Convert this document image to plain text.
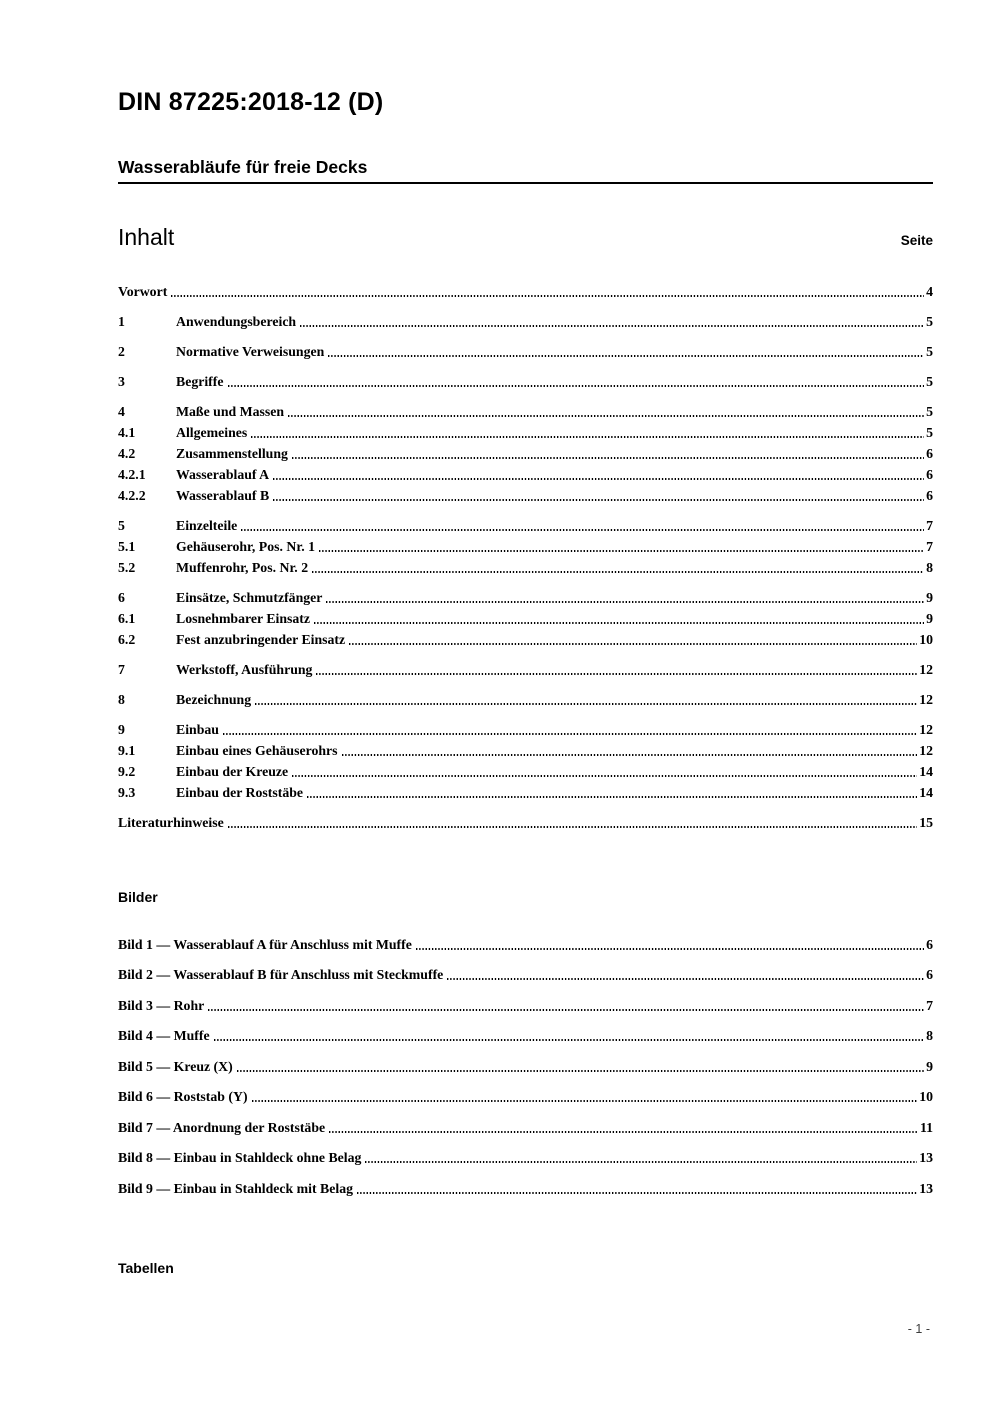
DIN 87225:2018-12 (D)
Wasserabläufe für freie Decks
Inhalt	Seite
Vorwort	4
1	Anwendungsbereich	5
2	Normative Verweisungen	5
3	Begriffe	5
4	Maße und Massen	5
4.1	Allgemeines	5
4.2	Zusammenstellung	6
4.2.1	Wasserablauf A	6
4.2.2	Wasserablauf B	6
5	Einzelteile	7
5.1	Gehäuserohr, Pos. Nr. 1	7
5.2	Muffenrohr, Pos. Nr. 2	8
6	Einsätze, Schmutzfänger	9
6.1	Losnehmbarer Einsatz	9
6.2	Fest anzubringender Einsatz	10
7	Werkstoff, Ausführung	12
8	Bezeichnung	12
9	Einbau	12
9.1	Einbau eines Gehäuserohrs	12
9.2	Einbau der Kreuze	14
9.3	Einbau der Roststäbe	14
Literaturhinweise	15
Bilder
Bild 1 — Wasserablauf A für Anschluss mit Muffe	6
Bild 2 — Wasserablauf B für Anschluss mit Steckmuffe	6
Bild 3 — Rohr	7
Bild 4 — Muffe	8
Bild 5 — Kreuz (X)	9
Bild 6 — Roststab (Y)	10
Bild 7 — Anordnung der Roststäbe	11
Bild 8 — Einbau in Stahldeck ohne Belag	13
Bild 9 — Einbau in Stahldeck mit Belag	13
Tabellen
- 1 -
